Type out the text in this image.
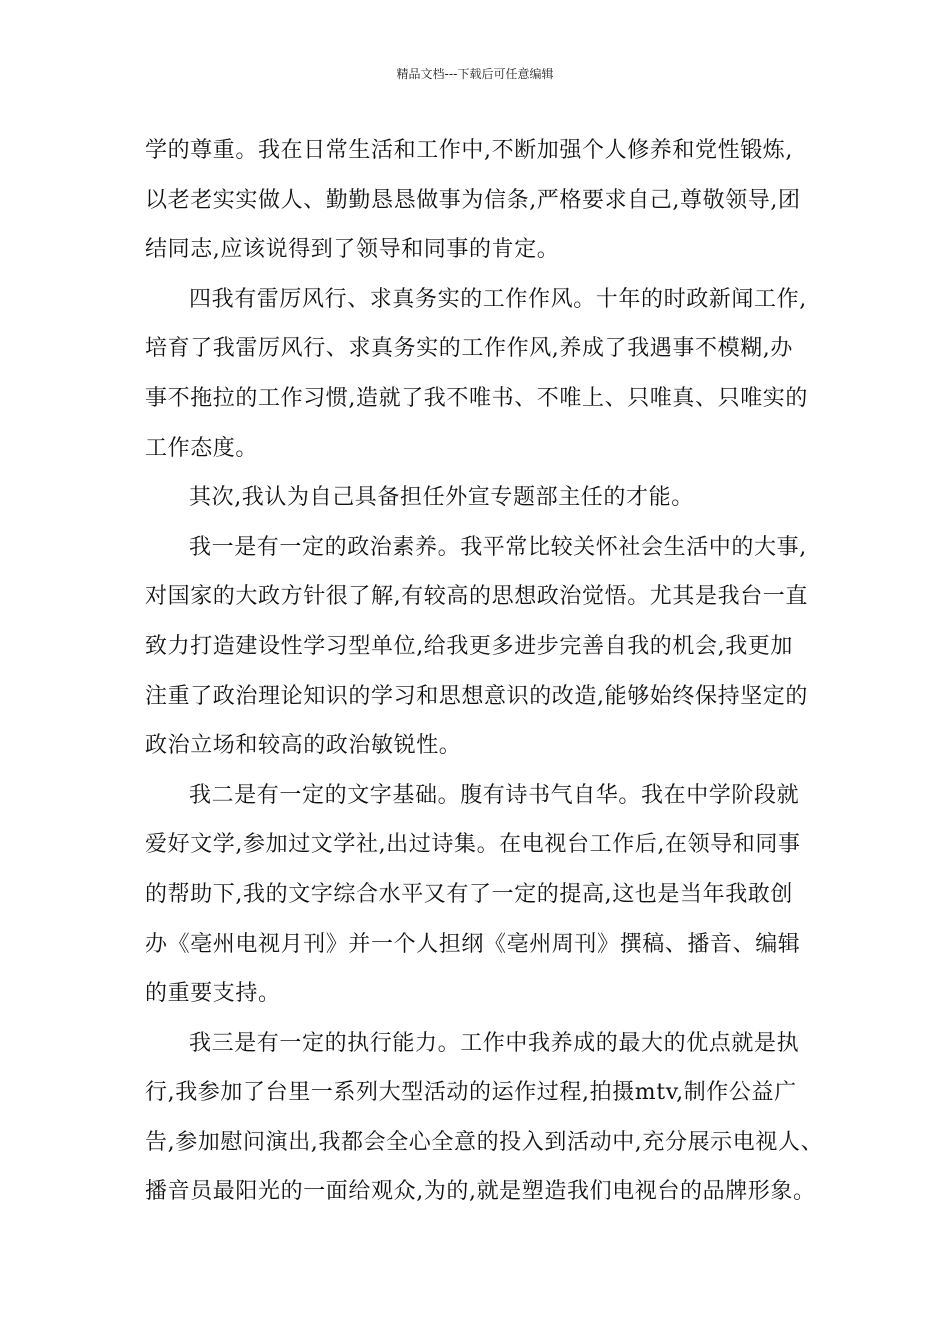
精品文档---下载后可任意编辑
学的尊重。我在日常生活和工作中,不断加强个人修养和党性锻炼,
以老老实实做人、勤勤恳恳做事为信条,严格要求自己,尊敬领导,团
结同志,应该说得到了领导和同事的肯定。
四我有雷厉风行、求真务实的工作作风。十年的时政新闻工作,
培育了我雷厉风行、求真务实的工作作风,养成了我遇事不模糊,办
事不拖拉的工作习惯,造就了我不唯书、不唯上、只唯真、只唯实的
工作态度。
其次,我认为自己具备担任外宣专题部主任的才能。
我一是有一定的政治素养。我平常比较关怀社会生活中的大事,
对国家的大政方针很了解,有较高的思想政治觉悟。尤其是我台一直
致力打造建设性学习型单位,给我更多进步完善自我的机会,我更加
注重了政治理论知识的学习和思想意识的改造,能够始终保持坚定的
政治立场和较高的政治敏锐性。
我二是有一定的文字基础。腹有诗书气自华。我在中学阶段就
爱好文学,参加过文学社,出过诗集。在电视台工作后,在领导和同事
的帮助下,我的文字综合水平又有了一定的提高,这也是当年我敢创
办《亳州电视月刊》并一个人担纲《亳州周刊》撰稿、播音、编辑
的重要支持。
我三是有一定的执行能力。工作中我养成的最大的优点就是执
行,我参加了台里一系列大型活动的运作过程,拍摄mtv,制作公益广
告,参加慰问演出,我都会全心全意的投入到活动中,充分展示电视人、
播音员最阳光的一面给观众,为的,就是塑造我们电视台的品牌形象。
